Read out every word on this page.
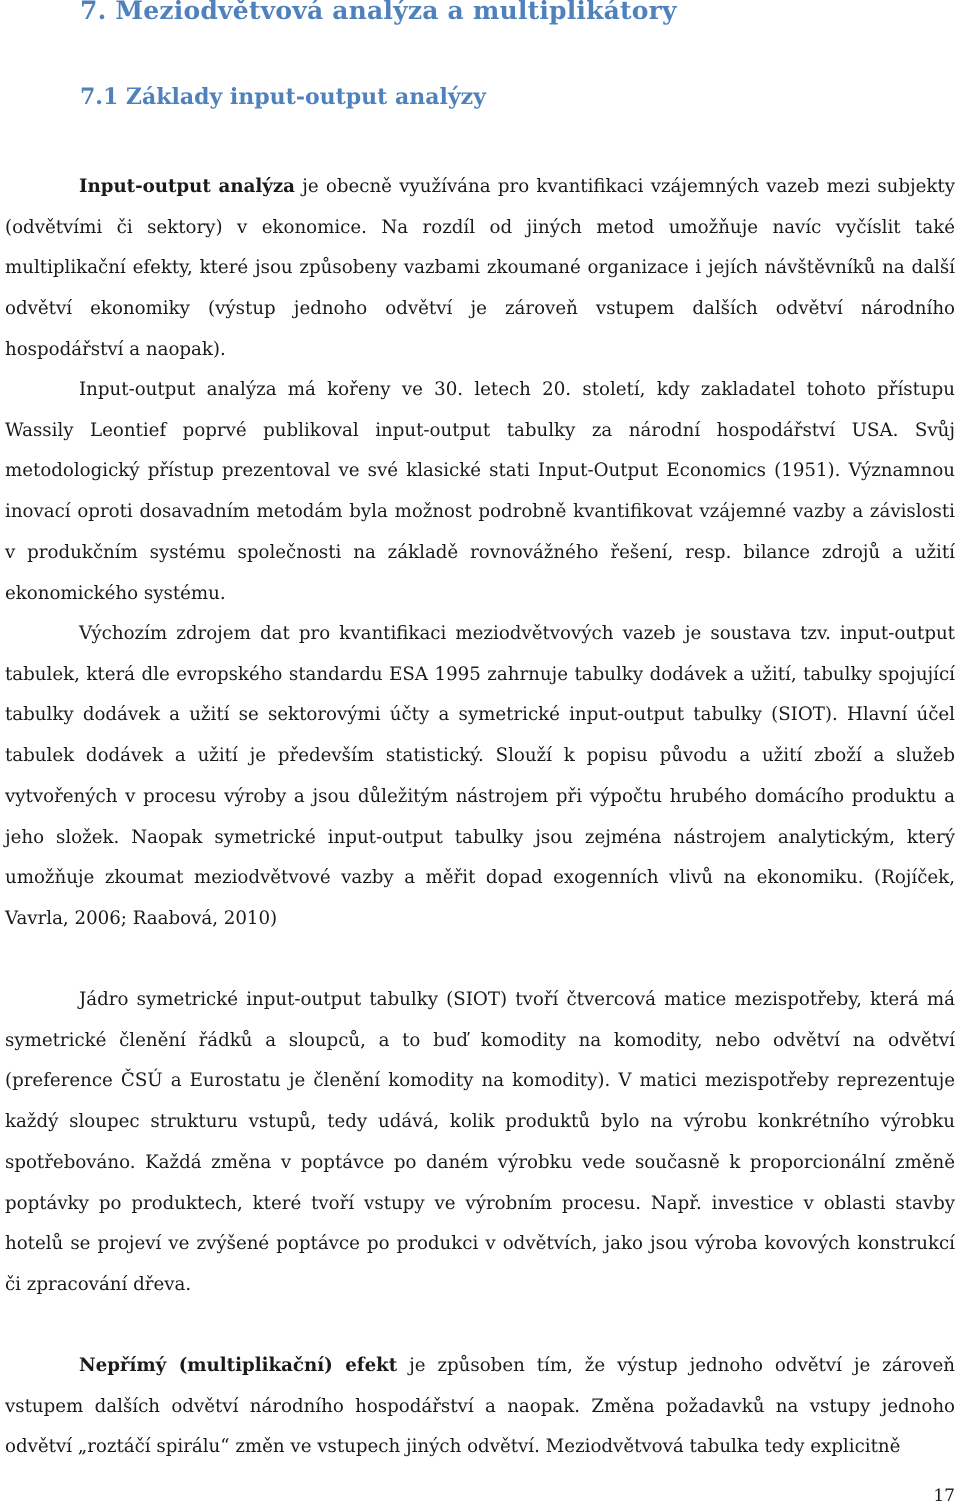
7. Meziodvětvová analýza a multiplikátory
7.1 Základy input-output analýzy

Input-output analýza je obecně využívána pro kvantifikaci vzájemných vazeb mezi subjekty (odvětvími či sektory) v ekonomice. Na rozdíl od jiných metod umožňuje navíc vyčíslit také multiplikační efekty, které jsou způsobeny vazbami zkoumané organizace i jejích návštěvníků na další odvětví ekonomiky (výstup jednoho odvětví je zároveň vstupem dalších odvětví národního hospodářství a naopak).

Input-output analýza má kořeny ve 30. letech 20. století, kdy zakladatel tohoto přístupu Wassily Leontief poprvé publikoval input-output tabulky za národní hospodářství USA. Svůj metodologický přístup prezentoval ve své klasické stati Input-Output Economics (1951). Významnou inovací oproti dosavadním metodám byla možnost podrobně kvantifikovat vzájemné vazby a závislosti v produkčním systému společnosti na základě rovnovážného řešení, resp. bilance zdrojů a užití ekonomického systému.

Výchozím zdrojem dat pro kvantifikaci meziodvětvových vazeb je soustava tzv. input-output tabulek, která dle evropského standardu ESA 1995 zahrnuje tabulky dodávek a užití, tabulky spojující tabulky dodávek a užití se sektorovými účty a symetrické input-output tabulky (SIOT). Hlavní účel tabulek dodávek a užití je především statistický. Slouží k popisu původu a užití zboží a služeb vytvořených v procesu výroby a jsou důležitým nástrojem při výpočtu hrubého domácího produktu a jeho složek. Naopak symetrické input-output tabulky jsou zejména nástrojem analytickým, který umožňuje zkoumat meziodvětvové vazby a měřit dopad exogenních vlivů na ekonomiku. (Rojíček, Vavrla, 2006; Raabová, 2010)

Jádro symetrické input-output tabulky (SIOT) tvoří čtvercová matice mezispotřeby, která má symetrické členění řádků a sloupců, a to buď komodity na komodity, nebo odvětví na odvětví (preference ČSÚ a Eurostatu je členění komodity na komodity). V matici mezispotřeby reprezentuje každý sloupec strukturu vstupů, tedy udává, kolik produktů bylo na výrobu konkrétního výrobku spotřebováno. Každá změna v poptávce po daném výrobku vede současně k proporcionální změně poptávky po produktech, které tvoří vstupy ve výrobním procesu. Např. investice v oblasti stavby hotelů se projeví ve zvýšené poptávce po produkci v odvětvích, jako jsou výroba kovových konstrukcí či zpracování dřeva.

Nepřímý (multiplikační) efekt je způsoben tím, že výstup jednoho odvětví je zároveň vstupem dalších odvětví národního hospodářství a naopak. Změna požadavků na vstupy jednoho odvětví „roztáčí spirálu“ změn ve vstupech jiných odvětví. Meziodvětvová tabulka tedy explicitně

17
